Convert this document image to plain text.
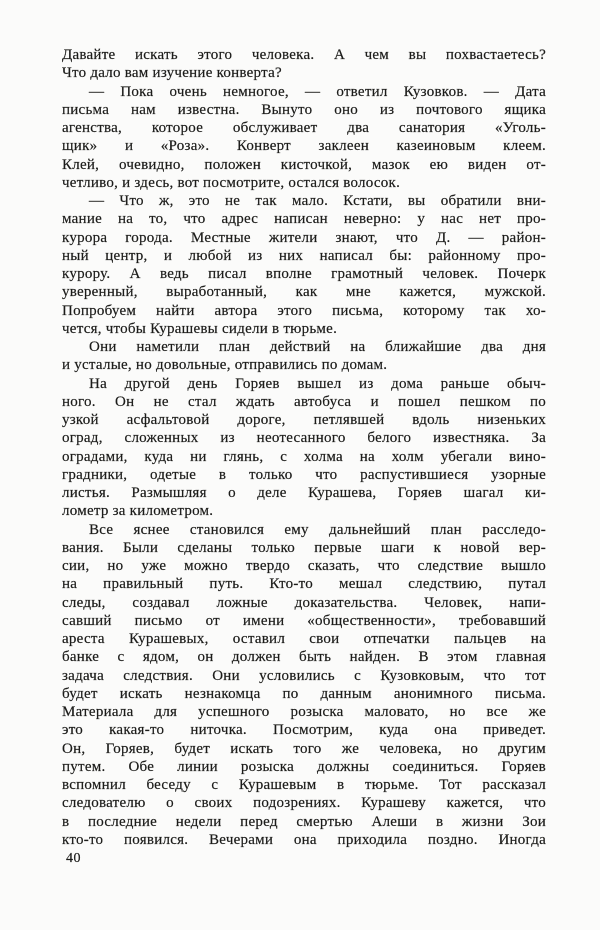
Давайте искать этого человека. А чем вы похвастаетесь?
Что дало вам изучение конверта?

— Пока очень немногое, — ответил Кузовков. — Дата
письма нам известна. Вынуто оно из почтового ящика
агенства, которое обслуживает два санатория «Уголь-
щик» и «Роза». Конверт заклеен казеиновым клеем.
Клей, очевидно, положен кисточкой, мазок ею виден от-
четливо, и здесь, вот посмотрите, остался волосок.

— Что ж, это не так мало. Кстати, вы обратили вни-
мание на то, что адрес написан неверно: у нас нет про-
курора города. Местные жители знают, что Д. — район-
ный центр, и любой из них написал бы: районному про-
курору. А ведь писал вполне грамотный человек. Почерк
уверенный, выработанный, как мне кажется, мужской.
Попробуем найти автора этого письма, которому так хо-
чется, чтобы Курашевы сидели в тюрьме.

Они наметили план действий на ближайшие два дня
и усталые, но довольные, отправились по домам.

На другой день Горяев вышел из дома раньше обыч-
ного. Он не стал ждать автобуса и пошел пешком по
узкой асфальтовой дороге, петлявшей вдоль низеньких
оград, сложенных из неотесанного белого известняка. За
оградами, куда ни глянь, с холма на холм убегали вино-
градники, одетые в только что распустившиеся узорные
листья. Размышляя о деле Курашева, Горяев шагал ки-
лометр за километром.

Все яснее становился ему дальнейший план расследо-
вания. Были сделаны только первые шаги к новой вер-
сии, но уже можно твердо сказать, что следствие вышло
на правильный путь. Кто-то мешал следствию, путал
следы, создавал ложные доказательства. Человек, напи-
савший письмо от имени «общественности», требовавший
ареста Курашевых, оставил свои отпечатки пальцев на
банке с ядом, он должен быть найден. В этом главная
задача следствия. Они условились с Кузовковым, что тот
будет искать незнакомца по данным анонимного письма.
Материала для успешного розыска маловато, но все же
это какая-то ниточка. Посмотрим, куда она приведет.
Он, Горяев, будет искать того же человека, но другим
путем. Обе линии розыска должны соединиться. Горяев
вспомнил беседу с Курашевым в тюрьме. Тот рассказал
следователю о своих подозрениях. Курашеву кажется, что
в последние недели перед смертью Алеши в жизни Зои
кто-то появился. Вечерами она приходила поздно. Иногда

40
